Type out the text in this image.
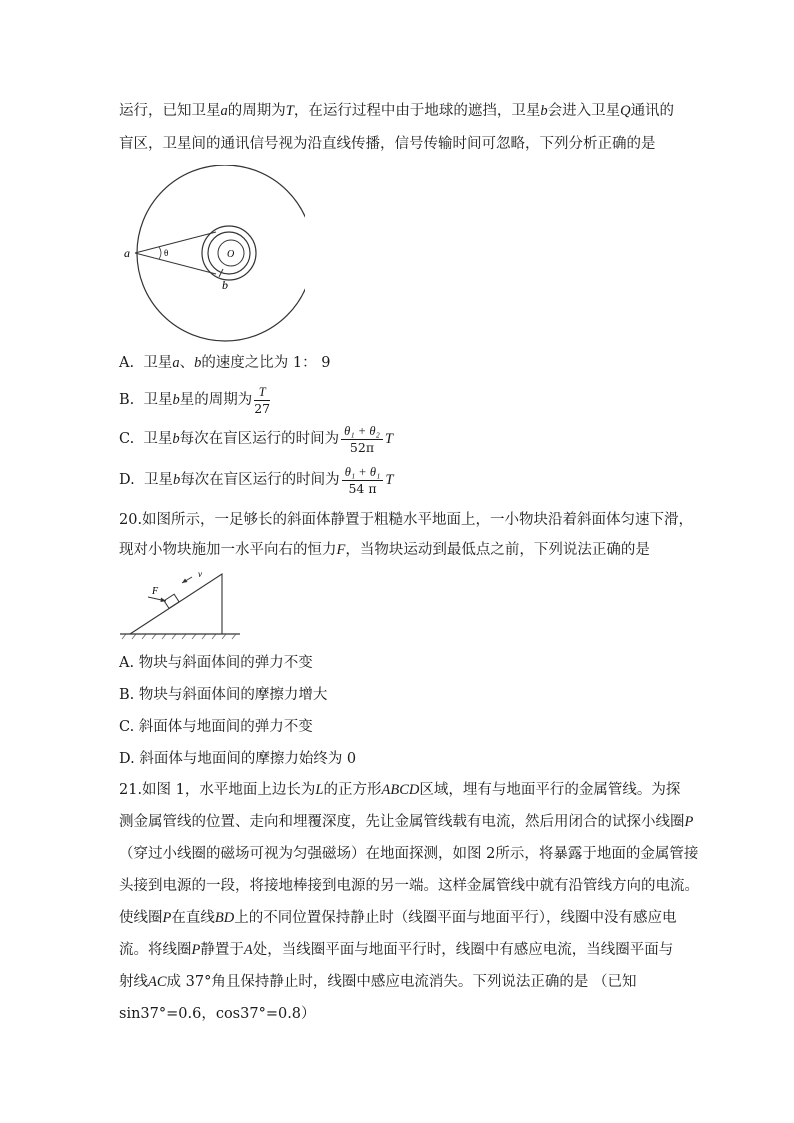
运行，已知卫星a的周期为T，在运行过程中由于地球的遮挡，卫星b会进入卫星Q通讯的
盲区，卫星间的通讯信号视为沿直线传播，信号传输时间可忽略，下列分析正确的是
a	θ	O
b
A. 卫星a、b的速度之比为 1： 9
B. 卫星b星的周期为 $\frac{T}{27}$
C. 卫星b每次在盲区运行的时间为 $\frac{\text{θ₁ + θ₂}}{52\pi}$ T
D. 卫星b每次在盲区运行的时间为 $\frac{\text{θ₁ + θ₁}}{54 \pi}$ T
20.如图所示，一足够长的斜面体静置于粗糙水平地面上，一小物块沿着斜面体匀速下滑，
现对小物块施加一水平向右的恒力F，当物块运动到最低点之前，下列说法正确的是
F
v
A. 物块与斜面体间的弹力不变
B. 物块与斜面体间的摩擦力增大
C. 斜面体与地面间的弹力不变
D. 斜面体与地面间的摩擦力始终为 0
21.如图 1，水平地面上边长为L的正方形ABCD区域，埋有与地面平行的金属管线。为探
测金属管线的位置、走向和埋覆深度，先让金属管线载有电流，然后用闭合的试探小线圈P
（穿过小线圈的磁场可视为匀强磁场）在地面探测，如图 2所示，将暴露于地面的金属管接
头接到电源的一段，将接地棒接到电源的另一端。这样金属管线中就有沿管线方向的电流。
使线圈P在直线BD上的不同位置保持静止时（线圈平面与地面平行），线圈中没有感应电
流。将线圈P静置于A处，当线圈平面与地面平行时，线圈中有感应电流，当线圈平面与
射线AC成 37°角且保持静止时，线圈中感应电流消失。下列说法正确的是 （已知
sin37°=0.6，cos37°=0.8）
